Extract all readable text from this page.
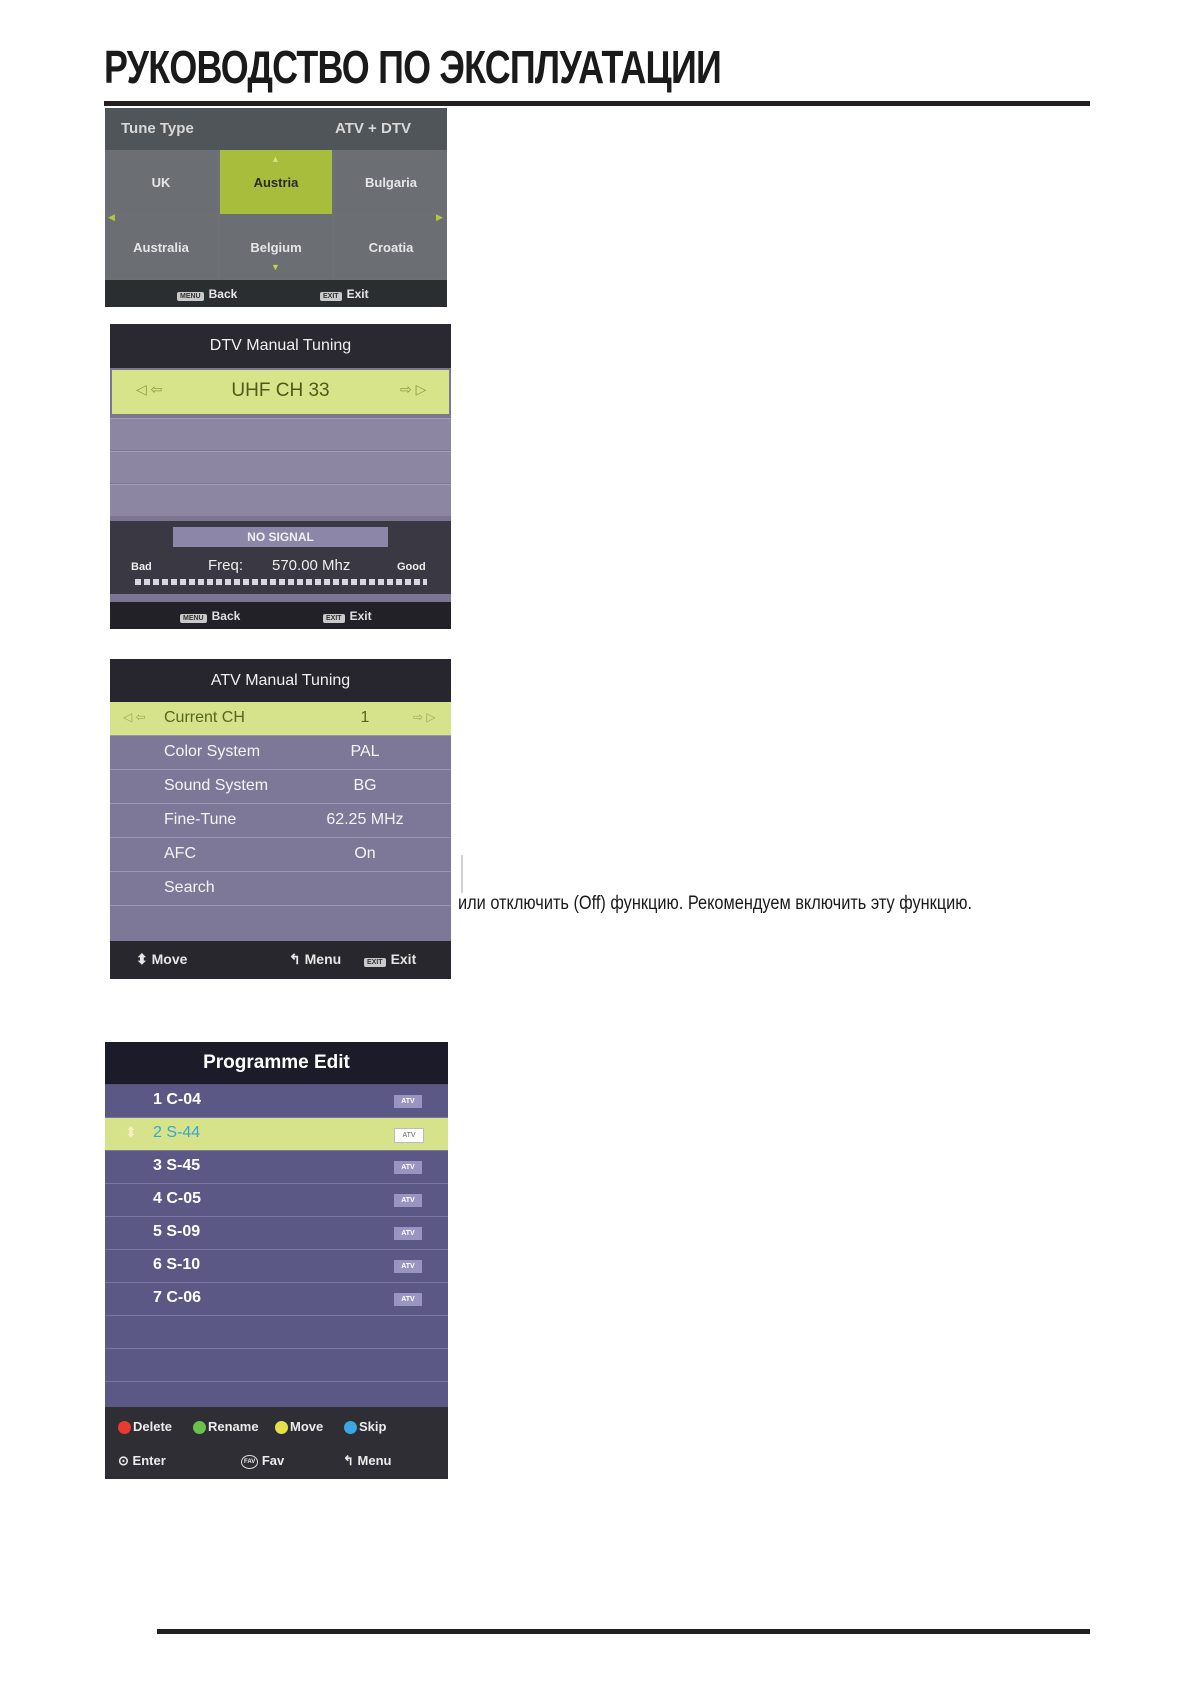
РУКОВОДСТВО ПО ЭКСПЛУАТАЦИИ
Tune Type	ATV + DTV
UK	Austria	Bulgaria
Australia	Belgium	Croatia
▲
▼
◀	▶
MENU Back	EXIT Exit
DTV Manual Tuning
◁ ⇦	UHF CH 33	⇨ ▷
NO SIGNAL
Bad	Freq: 570.00 Mhz	Good
MENU Back	EXIT Exit
ATV Manual Tuning
◁ ⇦ Current CH	1	⇨ ▷
Color System	PAL
Sound System	BG
Fine-Tune	62.25 MHz
AFC	On
Search
⬍ Move	↰ Menu	EXIT Exit
или отключить (Off) функцию. Рекомендуем включить эту функцию.
Programme Edit
1 C-04	ATV
⬍ 2 S-44	ATV
3 S-45	ATV
4 C-05	ATV
5 S-09	ATV
6 S-10	ATV
7 C-06	ATV
Delete	Rename	Move	Skip
⊙ Enter	FAV Fav	↰ Menu
